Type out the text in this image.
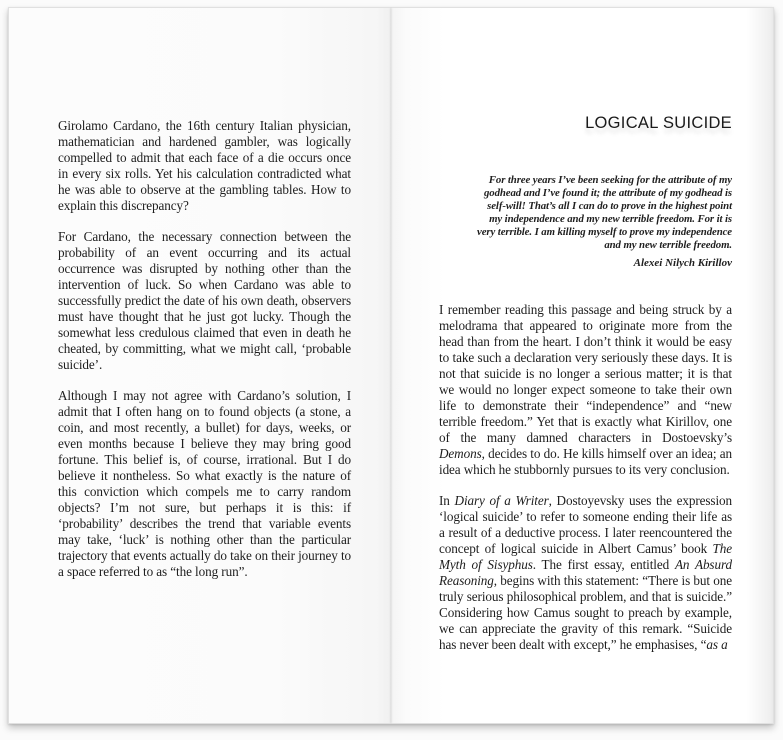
Girolamo Cardano, the 16th century Italian physician, mathematician and hardened gambler, was logically compelled to admit that each face of a die occurs once in every six rolls. Yet his calculation contradicted what he was able to observe at the gambling tables. How to explain this discrepancy?

For Cardano, the necessary connection between the probability of an event occurring and its actual occurrence was disrupted by nothing other than the intervention of luck. So when Cardano was able to successfully predict the date of his own death, observers must have thought that he just got lucky. Though the somewhat less credulous claimed that even in death he cheated, by committing, what we might call, ‘probable suicide’.

Although I may not agree with Cardano’s solution, I admit that I often hang on to found objects (a stone, a coin, and most recently, a bullet) for days, weeks, or even months because I believe they may bring good fortune. This belief is, of course, irrational. But I do believe it nontheless. So what exactly is the nature of this conviction which compels me to carry random objects? I’m not sure, but perhaps it is this: if ‘probability’ describes the trend that variable events may take, ‘luck’ is nothing other than the particular trajectory that events actually do take on their journey to a space referred to as “the long run”.

LOGICAL SUICIDE
For three years I’ve been seeking for the attribute of my godhead and I’ve found it; the attribute of my godhead is self-will! That’s all I can do to prove in the highest point my independence and my new terrible freedom. For it is very terrible. I am killing myself to prove my independence and my new terrible freedom.
Alexei Nilych Kirillov

I remember reading this passage and being struck by a melodrama that appeared to originate more from the head than from the heart. I don’t think it would be easy to take such a declaration very seriously these days. It is not that suicide is no longer a serious matter; it is that we would no longer expect someone to take their own life to demonstrate their “independence” and “new terrible freedom.” Yet that is exactly what Kirillov, one of the many damned characters in Dostoevsky’s Demons, decides to do. He kills himself over an idea; an idea which he stubbornly pursues to its very conclusion.

In Diary of a Writer, Dostoyevsky uses the expression ‘logical suicide’ to refer to someone ending their life as a result of a deductive process. I later reencountered the concept of logical suicide in Albert Camus’ book The Myth of Sisyphus. The first essay, entitled An Absurd Reasoning, begins with this statement: “There is but one truly serious philosophical problem, and that is suicide.” Considering how Camus sought to preach by example, we can appreciate the gravity of this remark. “Suicide has never been dealt with except,” he emphasises, “as a
